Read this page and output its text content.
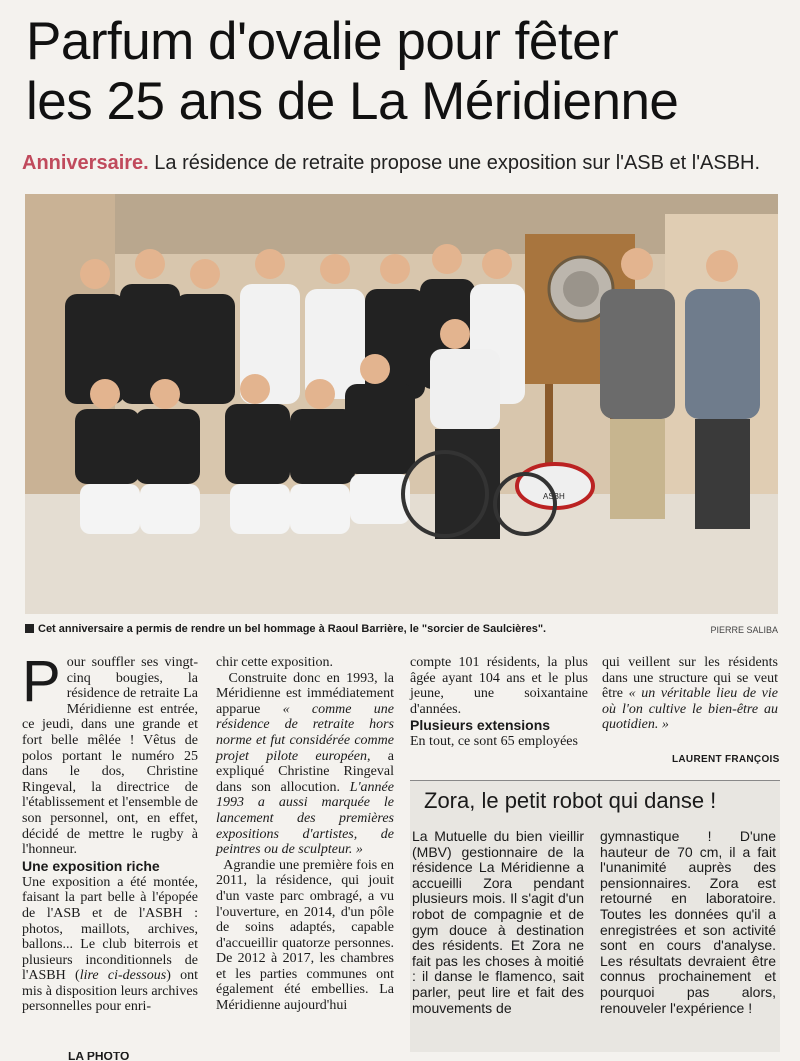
Parfum d'ovalie pour fêter
les 25 ans de La Méridienne
Anniversaire. La résidence de retraite propose une exposition sur l'ASB et l'ASBH.
ASBH
Cet anniversaire a permis de rendre un bel hommage à Raoul Barrière, le "sorcier de Saulcières".	PIERRE SALIBA

Pour souffler ses vingt-cinq bougies, la résidence de retraite La Méridienne est entrée, ce jeudi, dans une grande et fort belle mêlée ! Vêtus de polos portant le numéro 25 dans le dos, Christine Ringeval, la directrice de l'établissement et l'ensemble de son personnel, ont, en effet, décidé de mettre le rugby à l'honneur.

Une exposition riche

Une exposition a été montée, faisant la part belle à l'épopée de l'ASB et de l'ASBH : photos, maillots, archives, ballons... Le club biterrois et plusieurs inconditionnels de l'ASBH (lire ci-dessous) ont mis à disposition leurs archives personnelles pour enri-

chir cette exposition.

Construite donc en 1993, la Méridienne est immédiatement apparue « comme une résidence de retraite hors norme et fut considérée comme projet pilote européen, a expliqué Christine Ringeval dans son allocution. L'année 1993 a aussi marquée le lancement des premières expositions d'artistes, de peintres ou de sculpteur. »

Agrandie une première fois en 2011, la résidence, qui jouit d'un vaste parc ombragé, a vu l'ouverture, en 2014, d'un pôle de soins adaptés, capable d'accueillir quatorze personnes. De 2012 à 2017, les chambres et les parties communes ont également été embellies. La Méridienne aujourd'hui

compte 101 résidents, la plus âgée ayant 104 ans et le plus jeune, une soixantaine d'années.

Plusieurs extensions

En tout, ce sont 65 employées

qui veillent sur les résidents dans une structure qui se veut être « un véritable lieu de vie où l'on cultive le bien-être au quotidien. »

LAURENT FRANÇOIS
Zora, le petit robot qui danse !

La Mutuelle du bien vieillir (MBV) gestionnaire de la résidence La Méridienne a accueilli Zora pendant plusieurs mois. Il s'agit d'un robot de compagnie et de gym douce à destination des résidents. Et Zora ne fait pas les choses à moitié : il danse le flamenco, sait parler, peut lire et fait des mouvements de

gymnastique ! D'une hauteur de 70 cm, il a fait l'unanimité auprès des pensionnaires. Zora est retourné en laboratoire. Toutes les données qu'il a enregistrées et son activité sont en cours d'analyse. Les résultats devraient être connus prochainement et pourquoi pas alors, renouveler l'expérience !

LA PHOTO
